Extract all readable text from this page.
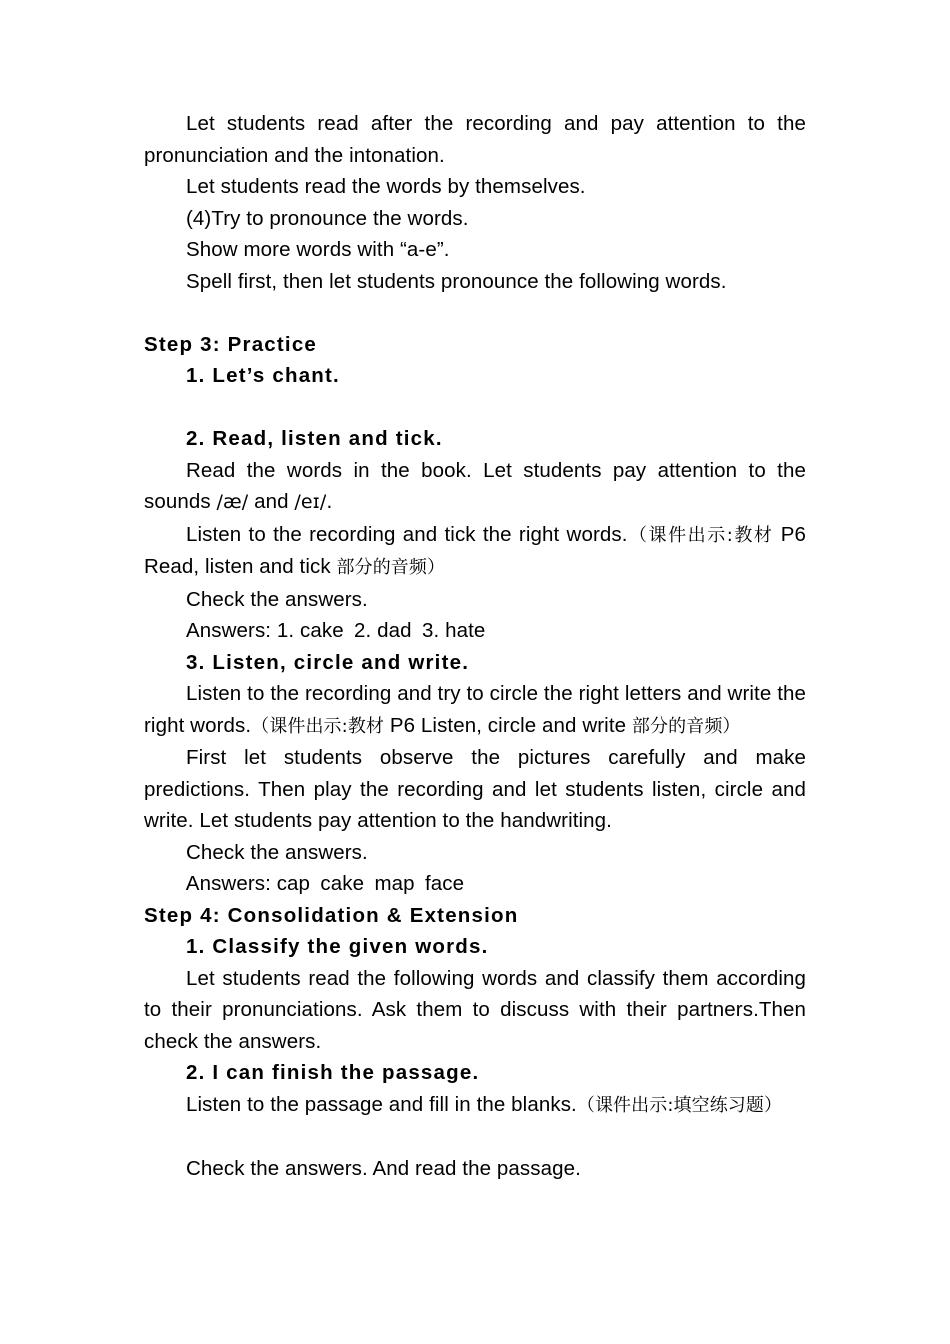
Let students read after the recording and pay attention to the pronunciation and the intonation.

Let students read the words by themselves.

(4)Try to pronounce the words.

Show more words with “a-e”.

Spell first, then let students pronounce the following words.

Step 3: Practice

1. Let’s chant.

2. Read, listen and tick.

Read the words in the book. Let students pay attention to the sounds /æ/ and /eɪ/.

Listen to the recording and tick the right words.（课件出示:教材 P6 Read, listen and tick 部分的音频）

Check the answers.

Answers: 1. cake 2. dad 3. hate

3. Listen, circle and write.

Listen to the recording and try to circle the right letters and write the right words.（课件出示:教材 P6 Listen, circle and write 部分的音频）

First let students observe the pictures carefully and make predictions. Then play the recording and let students listen, circle and write. Let students pay attention to the handwriting.

Check the answers.

Answers: cap cake map face

Step 4: Consolidation & Extension

1. Classify the given words.

Let students read the following words and classify them according to their pronunciations. Ask them to discuss with their partners.Then check the answers.

2. I can finish the passage.

Listen to the passage and fill in the blanks.（课件出示:填空练习题）

Check the answers. And read the passage.
